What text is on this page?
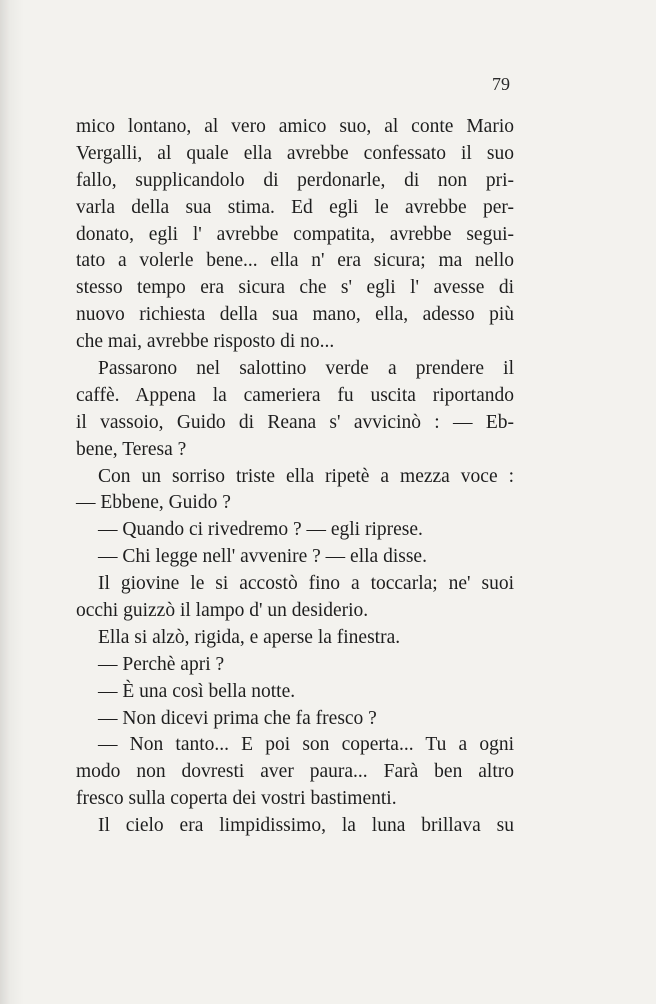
79
mico lontano, al vero amico suo, al conte Mario
Vergalli, al quale ella avrebbe confessato il suo
fallo, supplicandolo di perdonarle, di non pri-
varla della sua stima. Ed egli le avrebbe per-
donato, egli l' avrebbe compatita, avrebbe segui-
tato a volerle bene... ella n' era sicura; ma nello
stesso tempo era sicura che s' egli l' avesse di
nuovo richiesta della sua mano, ella, adesso più
che mai, avrebbe risposto di no...
Passarono nel salottino verde a prendere il
caffè. Appena la cameriera fu uscita riportando
il vassoio, Guido di Reana s' avvicinò : — Eb-
bene, Teresa ?
Con un sorriso triste ella ripetè a mezza voce :
— Ebbene, Guido ?
— Quando ci rivedremo ? — egli riprese.
— Chi legge nell' avvenire ? — ella disse.
Il giovine le si accostò fino a toccarla; ne' suoi
occhi guizzò il lampo d' un desiderio.
Ella si alzò, rigida, e aperse la finestra.
— Perchè apri ?
— È una così bella notte.
— Non dicevi prima che fa fresco ?
— Non tanto... E poi son coperta... Tu a ogni
modo non dovresti aver paura... Farà ben altro
fresco sulla coperta dei vostri bastimenti.
Il cielo era limpidissimo, la luna brillava su
